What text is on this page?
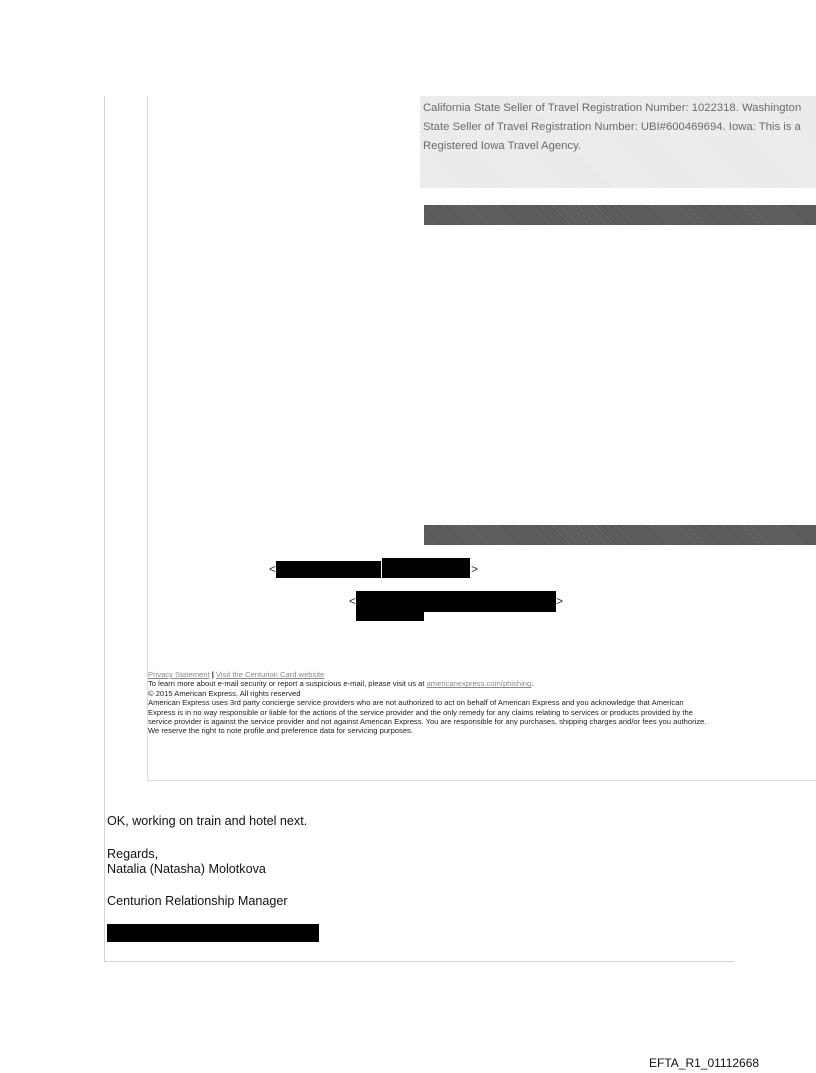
California State Seller of Travel Registration Number: 1022318. Washington
State Seller of Travel Registration Number: UBI#600469694. Iowa: This is a
Registered Iowa Travel Agency.
<	>
<	>
Privacy Statement | Visit the Centurion Card website
To learn more about e-mail security or report a suspicious e-mail, please visit us at americanexpress.com/phishing.
© 2015 American Express. All rights reserved
American Express uses 3rd party concierge service providers who are not authorized to act on behalf of American Express and you acknowledge that American
Express is in no way responsible or liable for the actions of the service provider and the only remedy for any claims relating to services or products provided by the
service provider is against the service provider and not against American Express. You are responsible for any purchases, shipping charges and/or fees you authorize.
We reserve the right to note profile and preference data for servicing purposes.
OK, working on train and hotel next.
Regards,
Natalia (Natasha) Molotkova
Centurion Relationship Manager
EFTA_R1_01112668
